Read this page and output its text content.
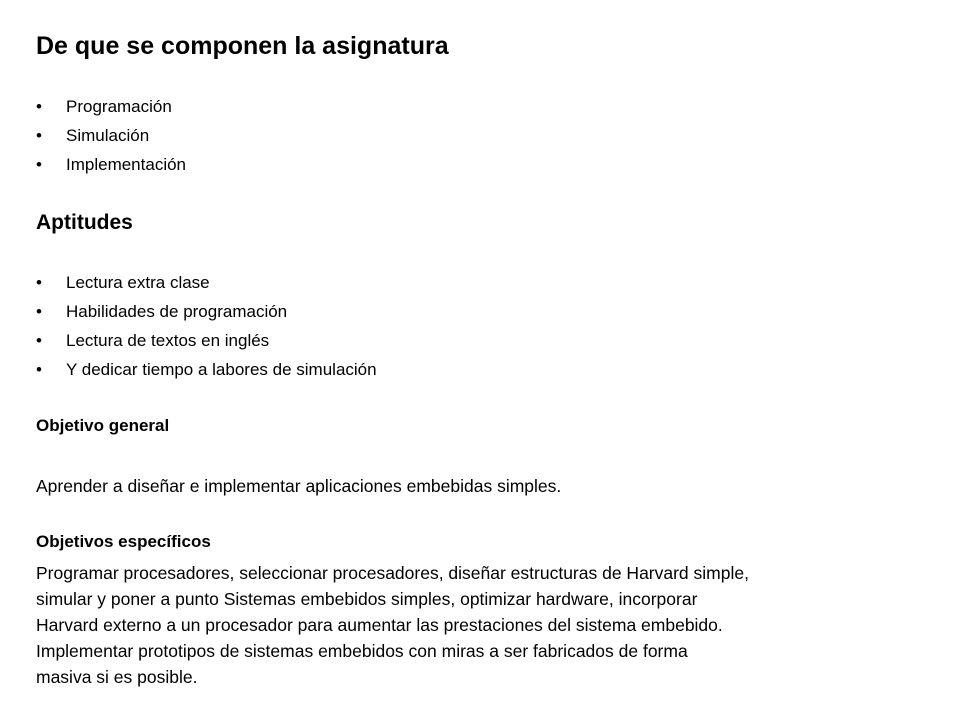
De que se componen la asignatura
• Programación
• Simulación
• Implementación
Aptitudes
• Lectura extra clase
• Habilidades de programación
• Lectura de textos en inglés
• Y dedicar tiempo a labores de simulación
Objetivo general
Aprender a diseñar e implementar aplicaciones embebidas simples.
Objetivos específicos
Programar procesadores, seleccionar procesadores, diseñar estructuras de Harvard simple,
simular y poner a punto Sistemas embebidos simples, optimizar hardware, incorporar
Harvard externo a un procesador para aumentar las prestaciones del sistema embebido.
Implementar prototipos de sistemas embebidos con miras a ser fabricados de forma
masiva si es posible.
